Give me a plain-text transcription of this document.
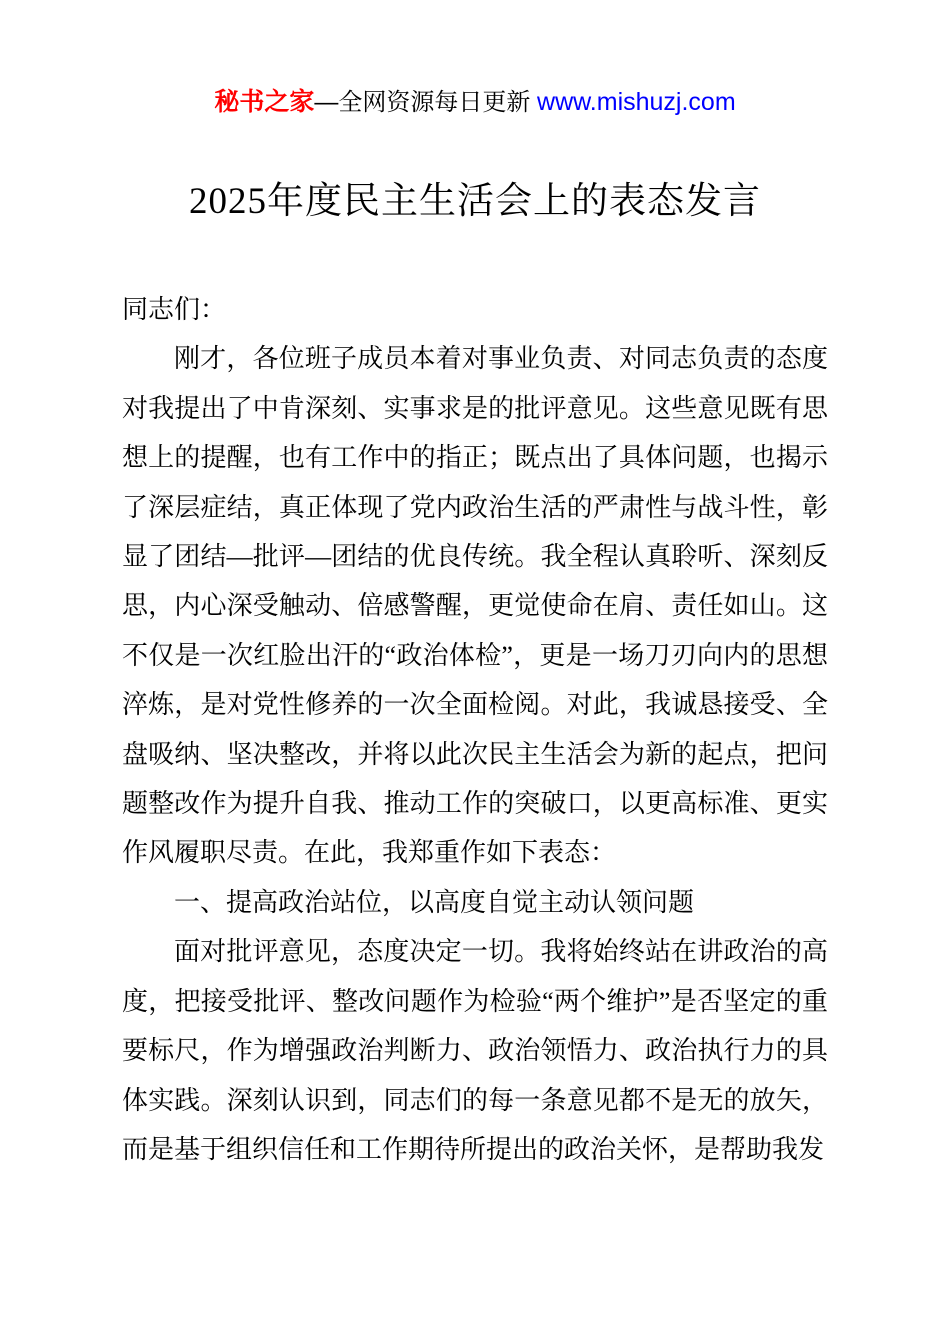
秘书之家—全网资源每日更新 www.mishuzj.com
2025年度民主生活会上的表态发言

同志们：

刚才，各位班子成员本着对事业负责、对同志负责的态度对我提出了中肯深刻、实事求是的批评意见。这些意见既有思想上的提醒，也有工作中的指正；既点出了具体问题，也揭示了深层症结，真正体现了党内政治生活的严肃性与战斗性，彰显了团结—批评—团结的优良传统。我全程认真聆听、深刻反思，内心深受触动、倍感警醒，更觉使命在肩、责任如山。这不仅是一次红脸出汗的“政治体检”，更是一场刀刃向内的思想淬炼，是对党性修养的一次全面检阅。对此，我诚恳接受、全盘吸纳、坚决整改，并将以此次民主生活会为新的起点，把问题整改作为提升自我、推动工作的突破口，以更高标准、更实作风履职尽责。在此，我郑重作如下表态：

一、提高政治站位，以高度自觉主动认领问题

面对批评意见，态度决定一切。我将始终站在讲政治的高度，把接受批评、整改问题作为检验“两个维护”是否坚定的重要标尺，作为增强政治判断力、政治领悟力、政治执行力的具体实践。深刻认识到，同志们的每一条意见都不是无的放矢，而是基于组织信任和工作期待所提出的政治关怀，是帮助我发
